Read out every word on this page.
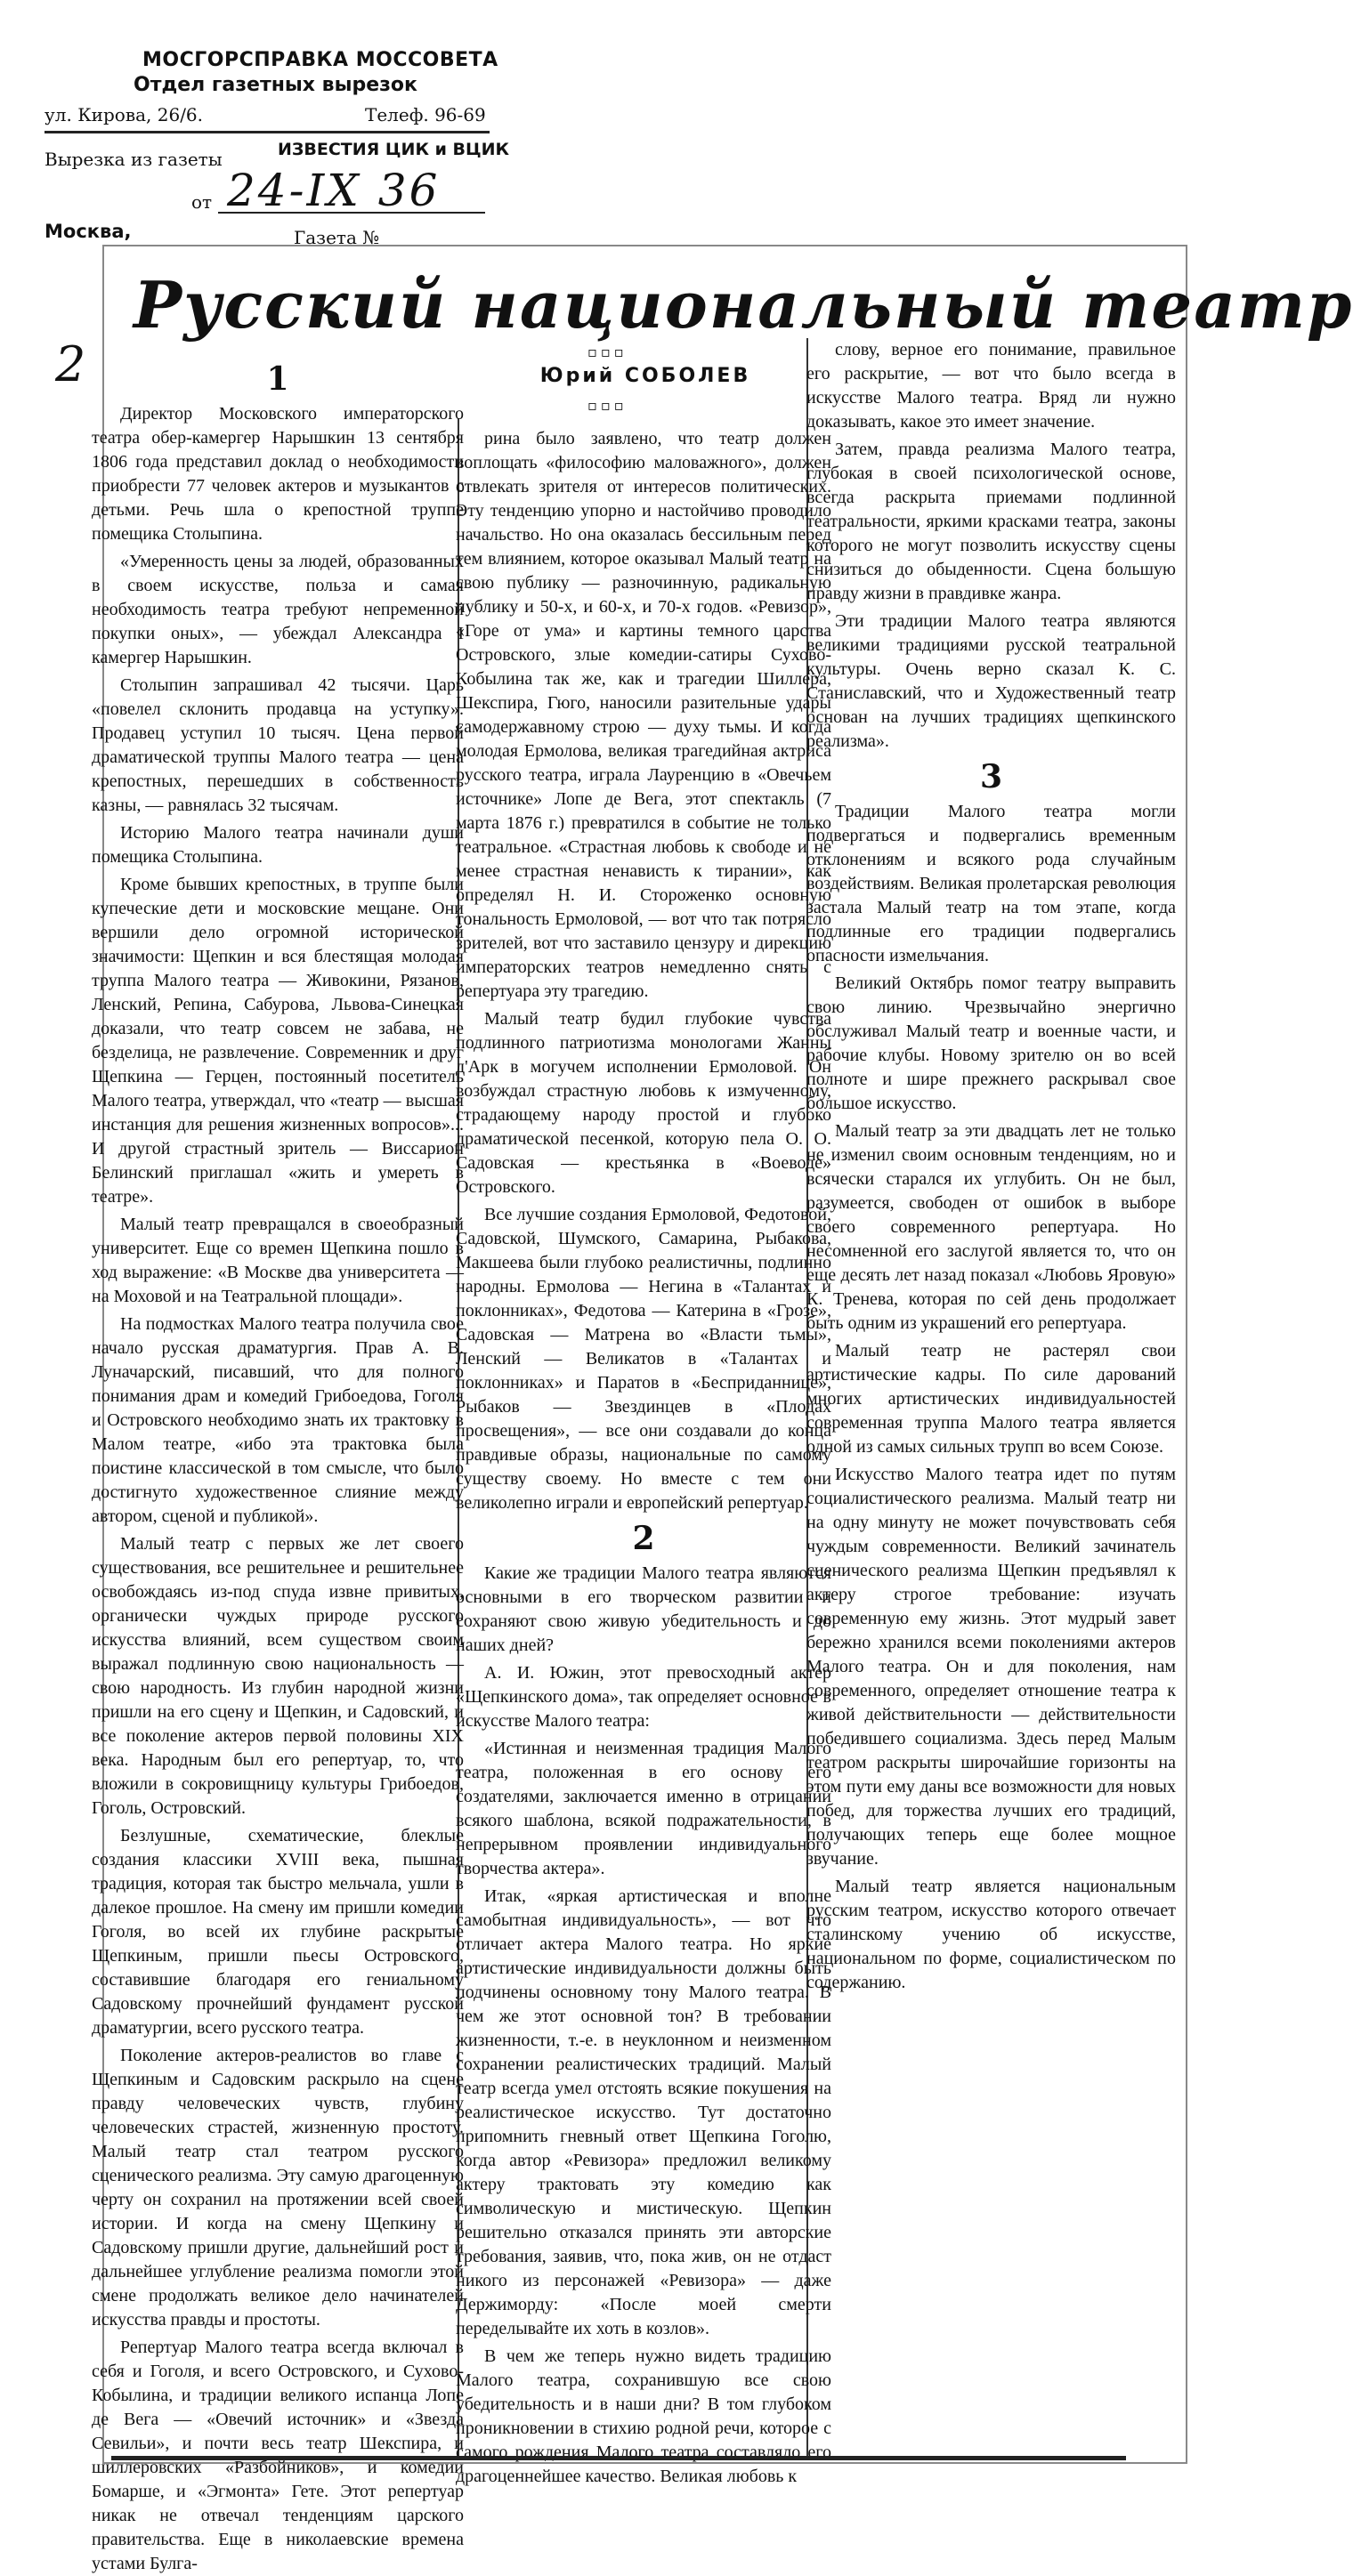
МОСГОРСПРАВКА МОССОВЕТА
Отдел газетных вырезок
ул. Кирова, 26/6.	Телеф. 96-69
Вырезка из газеты	ИЗВЕСТИЯ ЦИК и ВЦИК
24-IX 36
от
Москва,	Газета №
Русский национальный театр
2	▫▫▫
Юрий СОБОЛЕВ
▫▫▫
1

Директор Московского императорского театра обер-камергер Нарышкин 13 сентября 1806 года представил доклад о необходимости приобрести 77 человек актеров и музыкантов с детьми. Речь шла о крепостной труппе помещика Столыпина.

«Умеренность цены за людей, образованных в своем искусстве, польза и самая необходимость театра требуют непременной покупки оных», — убеждал Александра I камергер Нарышкин.

Столыпин запрашивал 42 тысячи. Царь «повелел склонить продавца на уступку». Продавец уступил 10 тысяч. Цена первой драматической труппы Малого театра — цена крепостных, перешедших в собственность казны, — равнялась 32 тысячам.

Историю Малого театра начинали души помещика Столыпина.

Кроме бывших крепостных, в труппе были купеческие дети и московские мещане. Они вершили дело огромной исторической значимости: Щепкин и вся блестящая молодая труппа Малого театра — Живокини, Рязанов, Ленский, Репина, Сабурова, Львова-Синецкая доказали, что театр совсем не забава, не безделица, не развлечение. Современник и друг Щепкина — Герцен, постоянный посетитель Малого театра, утверждал, что «театр — высшая инстанция для решения жизненных вопросов»... И другой страстный зритель — Виссарион Белинский приглашал «жить и умереть в театре».

Малый театр превращался в своеобразный университет. Еще со времен Щепкина пошло в ход выражение: «В Москве два университета — на Моховой и на Театральной площади».

На подмостках Малого театра получила свое начало русская драматургия. Прав А. В. Луначарский, писавший, что для полного понимания драм и комедий Грибоедова, Гоголя и Островского необходимо знать их трактовку в Малом театре, «ибо эта трактовка была поистине классической в том смысле, что было достигнуто художественное слияние между автором, сценой и публикой».

Малый театр с первых же лет своего существования, все решительнее и решительнее освобождаясь из-под спуда извне привитых, органически чуждых природе русского искусства влияний, всем существом своим выражал подлинную свою национальность — свою народность. Из глубин народной жизни пришли на его сцену и Щепкин, и Садовский, и все поколение актеров первой половины XIX века. Народным был его репертуар, то, что вложили в сокровищницу культуры Грибоедов, Гоголь, Островский.

Безлушные, схематические, блеклые создания классики XVIII века, пышная традиция, которая так быстро мельчала, ушли в далекое прошлое. На смену им пришли комедии Гоголя, во всей их глубине раскрытые Щепкиным, пришли пьесы Островского, составившие благодаря его гениальному Садовскому прочнейший фундамент русской драматургии, всего русского театра.

Поколение актеров-реалистов во главе с Щепкиным и Садовским раскрыло на сцене правду человеческих чувств, глубину человеческих страстей, жизненную простоту. Малый театр стал театром русского сценического реализма. Эту самую драгоценную черту он сохранил на протяжении всей своей истории. И когда на смену Щепкину и Садовскому пришли другие, дальнейший рост и дальнейшее углубление реализма помогли этой смене продолжать великое дело начинателей искусства правды и простоты.

Репертуар Малого театра всегда включал в себя и Гоголя, и всего Островского, и Сухово-Кобылина, и традиции великого испанца Лопе де Вега — «Овечий источник» и «Звезда Севильи», и почти весь театр Шекспира, и шиллеровских «Разбойников», и комедии Бомарше, и «Эгмонта» Гете. Этот репертуар никак не отвечал тенденциям царского правительства. Еще в николаевские времена устами Булга-

рина было заявлено, что театр должен воплощать «философию маловажного», должен отвлекать зрителя от интересов политических. Эту тенденцию упорно и настойчиво проводило начальство. Но она оказалась бессильным перед тем влиянием, которое оказывал Малый театр на свою публику — разночинную, радикальную публику и 50-х, и 60-х, и 70-х годов. «Ревизор», «Горе от ума» и картины темного царства Островского, злые комедии-сатиры Сухово-Кобылина так же, как и трагедии Шиллера, Шекспира, Гюго, наносили разительные удары самодержавному строю — духу тьмы. И когда молодая Ермолова, великая трагедийная актриса русского театра, играла Лауренцию в «Овечьем источнике» Лопе де Вега, этот спектакль (7 марта 1876 г.) превратился в событие не только театральное. «Страстная любовь к свободе и не менее страстная ненависть к тирании», как определял Н. И. Стороженко основную тональность Ермоловой, — вот что так потрясло зрителей, вот что заставило цензуру и дирекцию императорских театров немедленно снять с репертуара эту трагедию.

Малый театр будил глубокие чувства подлинного патриотизма монологами Жанны д'Арк в могучем исполнении Ермоловой. Он возбуждал страстную любовь к измученному, страдающему народу простой и глубоко драматической песенкой, которую пела О. О. Садовская — крестьянка в «Воеводе» Островского.

Все лучшие создания Ермоловой, Федотовой, Садовской, Шумского, Самарина, Рыбакова, Макшеева были глубоко реалистичны, подлинно народны. Ермолова — Негина в «Талантах и поклонниках», Федотова — Катерина в «Грозе», Садовская — Матрена во «Власти тьмы», Ленский — Великатов в «Талантах и поклонниках» и Паратов в «Бесприданнице», Рыбаков — Звездинцев в «Плодах просвещения», — все они создавали до конца правдивые образы, национальные по самому существу своему. Но вместе с тем они великолепно играли и европейский репертуар.

2

Какие же традиции Малого театра являются основными в его творческом развитии и сохраняют свою живую убедительность и до наших дней?

А. И. Южин, этот превосходный актер «Щепкинского дома», так определяет основное в искусстве Малого театра:

«Истинная и неизменная традиция Малого театра, положенная в его основу его создателями, заключается именно в отрицании всякого шаблона, всякой подражательности, в непрерывном проявлении индивидуального творчества актера».

Итак, «яркая артистическая и вполне самобытная индивидуальность», — вот что отличает актера Малого театра. Но яркие артистические индивидуальности должны быть подчинены основному тону Малого театра. В чем же этот основной тон? В требовании жизненности, т.-е. в неуклонном и неизменном сохранении реалистических традиций. Малый театр всегда умел отстоять всякие покушения на реалистическое искусство. Тут достаточно припомнить гневный ответ Щепкина Гоголю, когда автор «Ревизора» предложил великому актеру трактовать эту комедию как символическую и мистическую. Щепкин решительно отказался принять эти авторские требования, заявив, что, пока жив, он не отдаст никого из персонажей «Ревизора» — даже Держиморду: «После моей смерти переделывайте их хоть в козлов».

В чем же теперь нужно видеть традицию Малого театра, сохранившую все свою убедительность и в наши дни? В том глубоком проникновении в стихию родной речи, которое с самого рождения Малого театра составляло его драгоценнейшее качество. Великая любовь к

слову, верное его понимание, правильное его раскрытие, — вот что было всегда в искусстве Малого театра. Вряд ли нужно доказывать, какое это имеет значение.

Затем, правда реализма Малого театра, глубокая в своей психологической основе, всегда раскрыта приемами подлинной театральности, яркими красками театра, законы которого не могут позволить искусству сцены снизиться до обыденности. Сцена большую правду жизни в правдивке жанра.

Эти традиции Малого театра являются великими традициями русской театральной культуры. Очень верно сказал К. С. Станиславский, что и Художественный театр основан на лучших традициях щепкинского реализма».

3

Традиции Малого театра могли подвергаться и подвергались временным отклонениям и всякого рода случайным воздействиям. Великая пролетарская революция застала Малый театр на том этапе, когда подлинные его традиции подвергались опасности измельчания.

Великий Октябрь помог театру выправить свою линию. Чрезвычайно энергично обслуживал Малый театр и военные части, и рабочие клубы. Новому зрителю он во всей полноте и шире прежнего раскрывал свое большое искусство.

Малый театр за эти двадцать лет не только не изменил своим основным тенденциям, но и всячески старался их углубить. Он не был, разумеется, свободен от ошибок в выборе своего современного репертуара. Но несомненной его заслугой является то, что он еще десять лет назад показал «Любовь Яровую» К. Тренева, которая по сей день продолжает быть одним из украшений его репертуара.

Малый театр не растерял свои артистические кадры. По силе дарований многих артистических индивидуальностей современная труппа Малого театра является одной из самых сильных трупп во всем Союзе.

Искусство Малого театра идет по путям социалистического реализма. Малый театр ни на одну минуту не может почувствовать себя чуждым современности. Великий зачинатель сценического реализма Щепкин предъявлял к актеру строгое требование: изучать современную ему жизнь. Этот мудрый завет бережно хранился всеми поколениями актеров Малого театра. Он и для поколения, нам современного, определяет отношение театра к живой действительности — действительности победившего социализма. Здесь перед Малым театром раскрыты широчайшие горизонты на этом пути ему даны все возможности для новых побед, для торжества лучших его традиций, получающих теперь еще более мощное звучание.

Малый театр является национальным русским театром, искусство которого отвечает сталинскому учению об искусстве, национальном по форме, социалистическом по содержанию.
